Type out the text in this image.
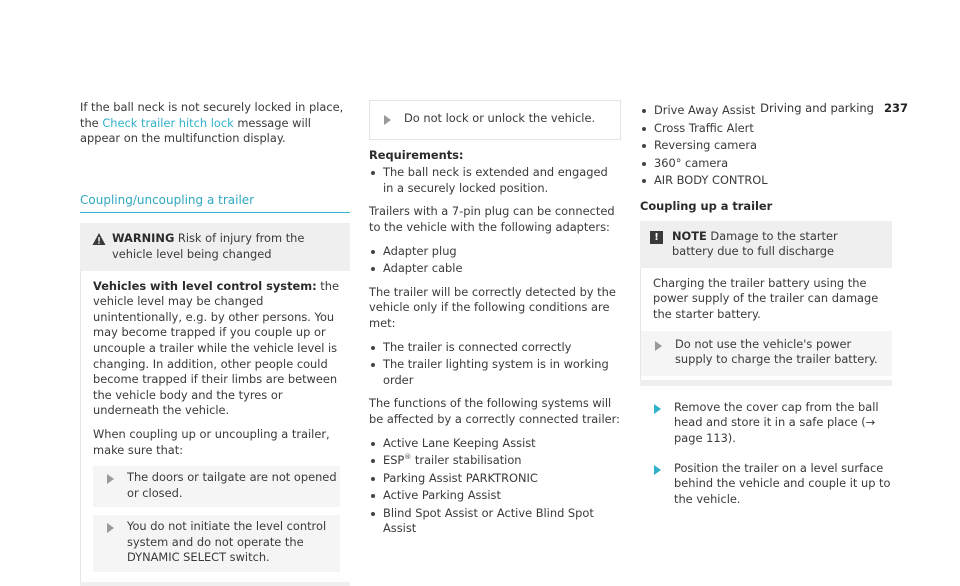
Driving and parking 237

If the ball neck is not securely locked in place, the Check trailer hitch lock message will appear on the multifunction display.

Coupling/uncoupling a trailer

WARNING Risk of injury from the vehicle level being changed

Vehicles with level control system: the vehicle level may be changed unintentionally, e.g. by other persons. You may become trapped if you couple up or uncouple a trailer while the vehicle level is changing. In addition, other people could become trapped if their limbs are between the vehicle body and the tyres or underneath the vehicle.

When coupling up or uncoupling a trailer, make sure that:

The doors or tailgate are not opened or closed.
You do not initiate the level control system and do not operate the DYNAMIC SELECT switch.
Do not lock or unlock the vehicle.

Requirements:

The ball neck is extended and engaged in a securely locked position.

Trailers with a 7-pin plug can be connected to the vehicle with the following adapters:

Adapter plug
Adapter cable

The trailer will be correctly detected by the vehicle only if the following conditions are met:

The trailer is connected correctly
The trailer lighting system is in working order

The functions of the following systems will be affected by a correctly connected trailer:

Active Lane Keeping Assist
ESP® trailer stabilisation
Parking Assist PARKTRONIC
Active Parking Assist
Blind Spot Assist or Active Blind Spot Assist
Drive Away Assist
Cross Traffic Alert
Reversing camera
360° camera
AIR BODY CONTROL

Coupling up a trailer

!	NOTE Damage to the starter battery due to full discharge

Charging the trailer battery using the power supply of the trailer can damage the starter battery.

Do not use the vehicle's power supply to charge the trailer battery.
Remove the cover cap from the ball head and store it in a safe place (→ page 113).
Position the trailer on a level surface behind the vehicle and couple it up to the vehicle.
